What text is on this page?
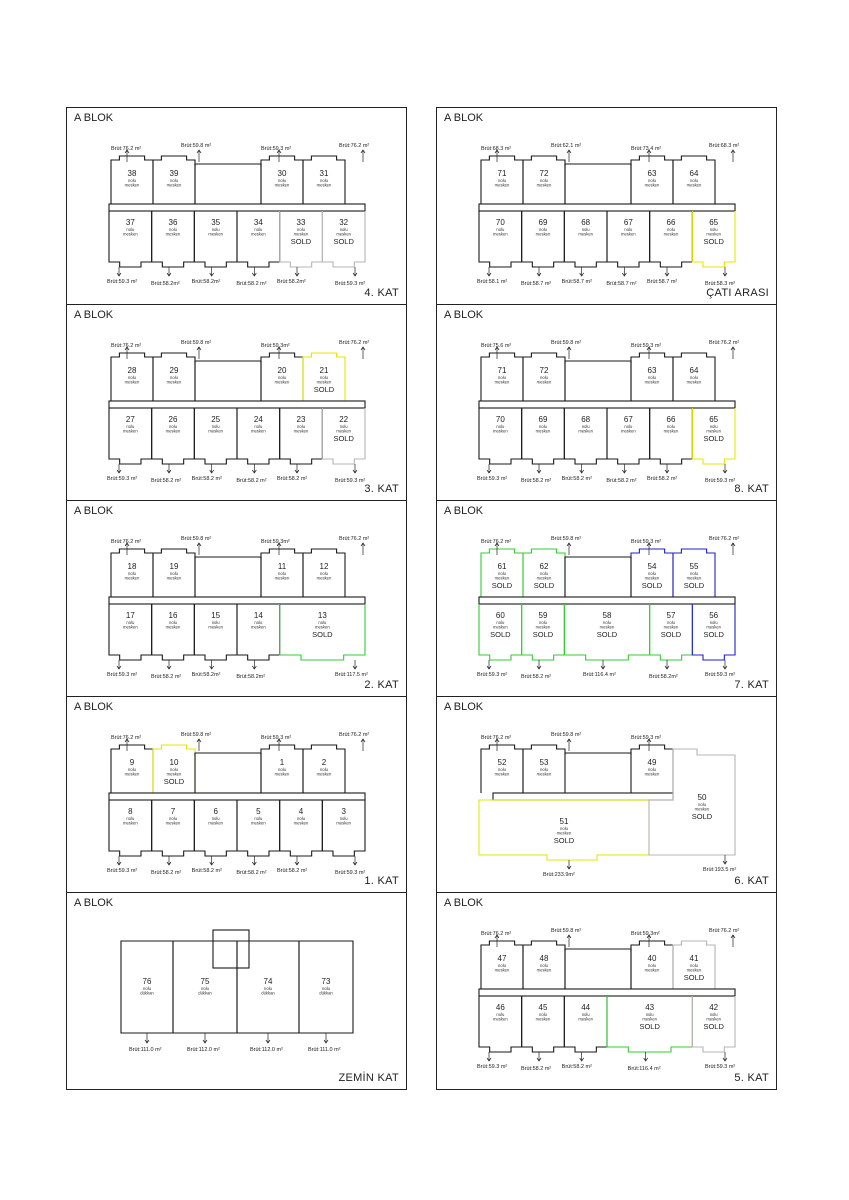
A BLOK
38
nolu
mesken
39
nolu
mesken
30
nolu
mesken
31
nolu
mesken
37
nolu
mesken
36
nolu
mesken
35
nolu
mesken
34
nolu
mesken
33
nolu
mesken
SOLD
32
nolu
mesken
SOLD
Brüt:76.2 m²	Brüt:59.8 m²	Brüt:59.3 m²	Brüt:76.2 m²
Brüt:59.3 m² Brüt:58.2m² Brüt:58.2m²	Brüt:58.2 m² Brüt:58.2m²	Brüt:59.3 m²
4. KAT
A BLOK
71
nolu
mesken
72
nolu
mesken
63
nolu
mesken
64
nolu
mesken
70
nolu
mesken
69
nolu
mesken
68
nolu
mesken
67
nolu
mesken
66
nolu
mesken
65
nolu
mesken
SOLD
Brüt:68.3 m²	Brüt:62.1 m²	Brüt:73.4 m²	Brüt:68.3 m²
Brüt:58.1 m² Brüt:58.7 m² Brüt:58.7 m²	Brüt:58.7 m² Brüt:58.7 m²	Brüt:58.3 m²
ÇATI ARASI
A BLOK
28
nolu
mesken
29
nolu
mesken
20
nolu
mesken
21
nolu
mesken
SOLD
27
nolu
mesken
26
nolu
mesken
25
nolu
mesken
24
nolu
mesken
23
nolu
mesken
22
nolu
mesken
SOLD
Brüt:76.2 m²	Brüt:59.8 m²	Brüt:59.3m²	Brüt:76.2 m²
Brüt:59.3 m² Brüt:58.2 m² Brüt:58.2 m²	Brüt:58.2 m² Brüt:58.2 m²	Brüt:59.3 m²
3. KAT
A BLOK
71
nolu
mesken
72
nolu
mesken
63
nolu
mesken
64
nolu
mesken
70
nolu
mesken
69
nolu
mesken
68
nolu
mesken
67
nolu
mesken
66
nolu
mesken
65
nolu
mesken
SOLD
Brüt:75.6 m²	Brüt:59.8 m²	Brüt:59.3 m²	Brüt:76.2 m²
Brüt:59.3 m² Brüt:58.2 m² Brüt:58.2 m²	Brüt:58.2 m² Brüt:58.2 m²	Brüt:59.3 m²
8. KAT
A BLOK
18
nolu
mesken
19
nolu
mesken
11
nolu
mesken
12
nolu
mesken
17
nolu
mesken
16
nolu
mesken
15
nolu
mesken
14
nolu
mesken
13
nolu
mesken
SOLD
Brüt:76.2 m²	Brüt:59.8 m²	Brüt:59.3m²	Brüt:76.2 m²
Brüt:59.3 m² Brüt:58.2 m² Brüt:58.2m²	Brüt:58.2m²	Brüt:117.5 m²
2. KAT
A BLOK
61
nolu
mesken
SOLD
62
nolu
mesken
SOLD
54
nolu
mesken
SOLD
55
nolu
mesken
SOLD
60
nolu
mesken
SOLD
59
nolu
mesken
SOLD
58
nolu
mesken
SOLD
57
nolu
mesken
SOLD
56
nolu
mesken
SOLD
Brüt:76.2 m²	Brüt:59.8 m²	Brüt:59.3 m²	Brüt:76.2 m²
Brüt:59.3 m² Brüt:58.2 m²	Brüt:116.4 m²	Brüt:58.2m²	Brüt:59.3 m²
7. KAT
A BLOK
9
nolu
mesken
10
nolu
mesken
SOLD
1
nolu
mesken
2
nolu
mesken
8
nolu
mesken
7
nolu
mesken
6
nolu
mesken
5
nolu
mesken
4
nolu
mesken
3
nolu
mesken
Brüt:76.2 m²	Brüt:59.8 m²	Brüt:59.3 m²	Brüt:76.2 m²
Brüt:59.3 m² Brüt:58.2 m² Brüt:58.2 m²	Brüt:58.2 m² Brüt:58.2 m²	Brüt:59.3 m²
1. KAT
A BLOK
52
nolu
mesken
53
nolu
mesken
49
nolu
mesken
51
nolu
mesken
SOLD
50
nolu
mesken
SOLD
Brüt:76.2 m²	Brüt:59.8 m²	Brüt:59.3 m²
Brüt:233.9m²
Brüt:193.5 m²
6. KAT
A BLOK
76
nolu
dükkan
Brüt:111.0 m²
75
nolu
dükkan
Brüt:112.0 m²
74
nolu
dükkan
Brüt:112.0 m²
73
nolu
dükkan
Brüt:111.0 m²
ZEMİN KAT
A BLOK
47
nolu
mesken
48
nolu
mesken
40
nolu
mesken
41
nolu
mesken
SOLD
46
nolu
mesken
45
nolu
mesken
44
nolu
mesken
43
nolu
mesken
SOLD
42
nolu
mesken
SOLD
Brüt:76.2 m²	Brüt:59.8 m²	Brüt:59.3m²	Brüt:76.2 m²
Brüt:59.3 m² Brüt:58.2 m² Brüt:58.2 m²	Brüt:116.4 m²	Brüt:59.3 m²
5. KAT
